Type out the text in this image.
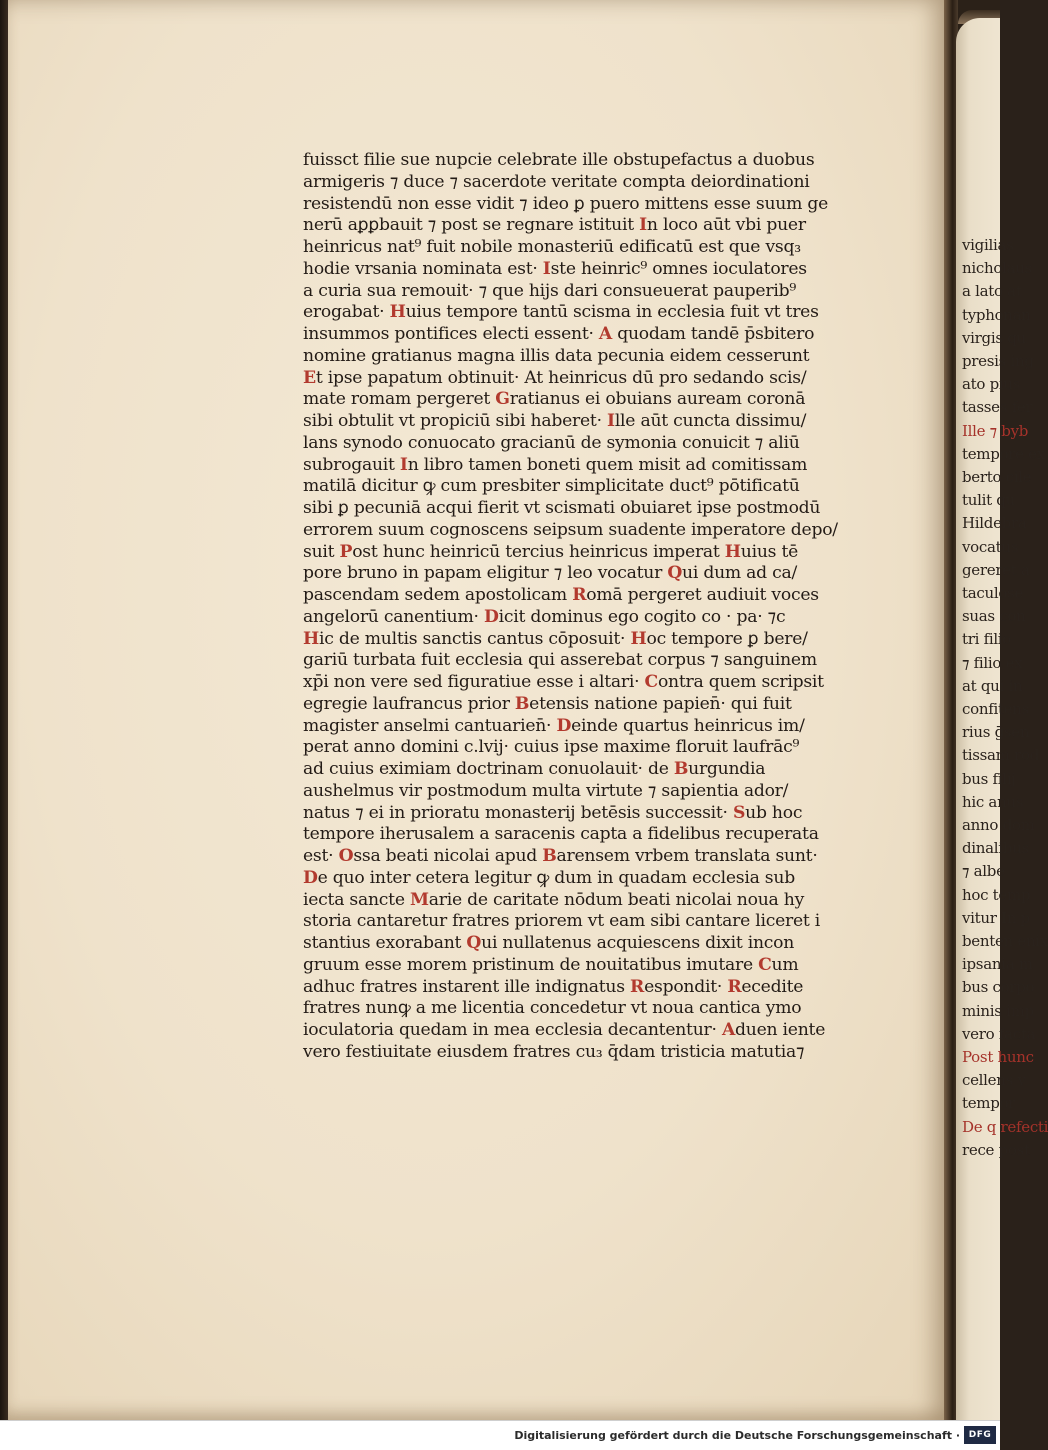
vigilias
nicholaus
a lato at
typhonan
virgis qu
presis ing
ato pius
tasses fer
Ille ⁊ byb
tempore ex
berto cile
tulit qu
Hildebra
vocatus
gereret a
taculose
suas con
tri filio
⁊ filio ex
at qui in
confitens
rius ḡsen
tissam rod
bus filij
hic anus
anno dom
dinalibus
⁊ albe
hoc temp
vitur In p
benten enix
ipsania m
bus corpo
minis imp
vero facta
Post hunc
cellens v
tempor
De q refecti
rece post
fuissct filie sue nupcie celebrate ille obstupefactus a duobus
armigeris ⁊ duce ⁊ sacerdote veritate compta deiordinationi
resistendū non esse vidit ⁊ ideo ꝑ puero mittens esse suum ge
nerū aꝑꝑbauit ⁊ post se regnare istituit In loco aūt vbi puer
heinricus nat⁹ fuit nobile monasteriū edificatū est que vsq₃
hodie vrsania nominata est· Iste heinric⁹ omnes ioculatores
a curia sua remouit· ⁊ que hijs dari consueuerat pauperib⁹
erogabat· Huius tempore tantū scisma in ecclesia fuit vt tres
insummos pontifices electi essent· A quodam tandē p̄sbitero
nomine gratianus magna illis data pecunia eidem cesserunt
Et ipse papatum obtinuit· At heinricus dū pro sedando scis/
mate romam pergeret Gratianus ei obuians auream coronā
sibi obtulit vt propiciū sibi haberet· Ille aūt cuncta dissimu/
lans synodo conuocato gracianū de symonia conuicit ⁊ aliū
subrogauit In libro tamen boneti quem misit ad comitissam
matilā dicitur ꝙ cum presbiter simplicitate duct⁹ pōtificatū
sibi ꝑ pecuniā acqui fierit vt scismati obuiaret ipse postmodū
errorem suum cognoscens seipsum suadente imperatore depo/
suit Post hunc heinricū tercius heinricus imperat Huius tē
pore bruno in papam eligitur ⁊ leo vocatur Qui dum ad ca/
pascendam sedem apostolicam Romā pergeret audiuit voces
angelorū canentium· Dicit dominus ego cogito co · pa· ⁊c
Hic de multis sanctis cantus cōposuit· Hoc tempore ꝑ bere/
gariū turbata fuit ecclesia qui asserebat corpus ⁊ sanguinem
xp̄i non vere sed figuratiue esse i altari· Contra quem scripsit
egregie laufrancus prior Betensis natione papien̄· qui fuit
magister anselmi cantuarien̄· Deinde quartus heinricus im/
perat anno domini c.lvij· cuius ipse maxime floruit laufrāc⁹
ad cuius eximiam doctrinam conuolauit· de Burgundia
aushelmus vir postmodum multa virtute ⁊ sapientia ador/
natus ⁊ ei in prioratu monasterij betēsis successit· Sub hoc
tempore iherusalem a saracenis capta a fidelibus recuperata
est· Ossa beati nicolai apud Barensem vrbem translata sunt·
De quo inter cetera legitur ꝙ dum in quadam ecclesia sub
iecta sancte Marie de caritate nōdum beati nicolai noua hy
storia cantaretur fratres priorem vt eam sibi cantare liceret i
stantius exorabant Qui nullatenus acquiescens dixit incon
gruum esse morem pristinum de nouitatibus imutare Cum
adhuc fratres instarent ille indignatus Respondit· Recedite
fratres nunꝙ a me licentia concedetur vt noua cantica ymo
ioculatoria quedam in mea ecclesia decantentur· Aduen iente
vero festiuitate eiusdem fratres cu₃ q̄dam tristicia matutia⁊
Digitalisierung gefördert durch die Deutsche Forschungsgemeinschaft · DFG
